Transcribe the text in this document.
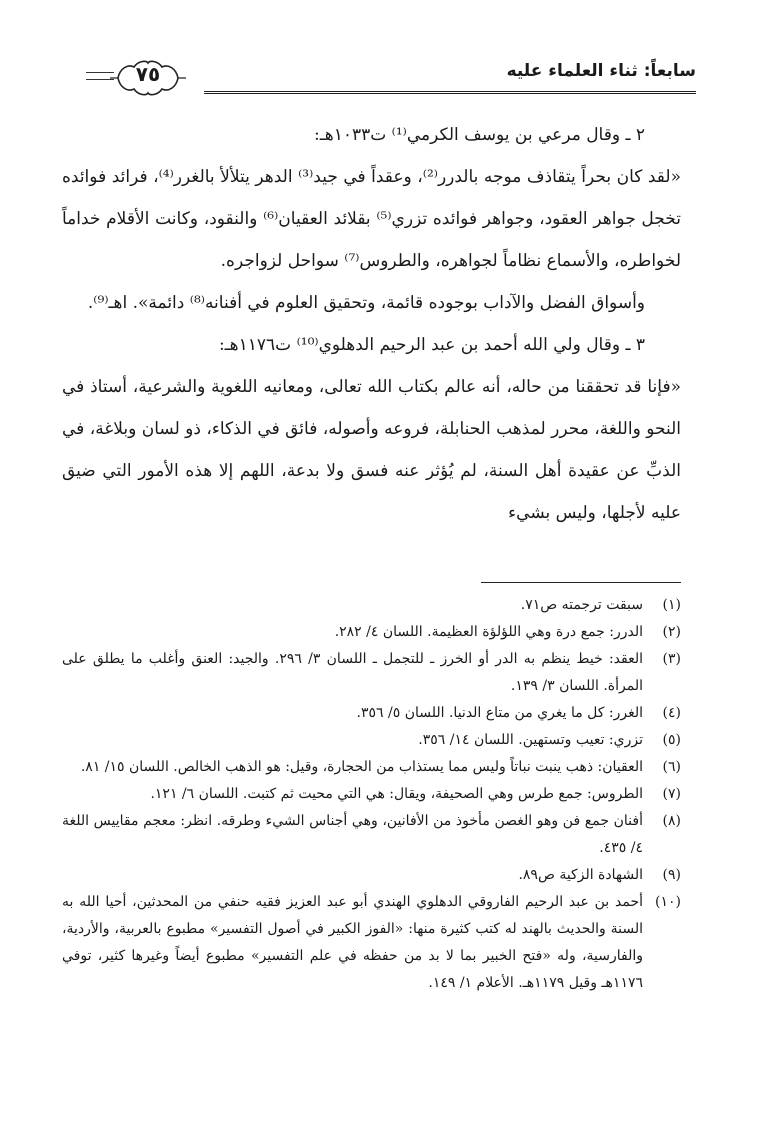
سابعاً: ثناء العلماء عليه
٧٥

٢ ـ وقال مرعي بن يوسف الكرمي⁽¹⁾ ت١٠٣٣هـ:

«لقد كان بحراً يتقاذف موجه بالدرر⁽²⁾، وعقداً في جيد⁽³⁾ الدهر يتلألأ بالغرر⁽⁴⁾، فرائد فوائده تخجل جواهر العقود، وجواهر فوائده تزري⁽⁵⁾ بقلائد العقيان⁽⁶⁾ والنقود، وكانت الأقلام خداماً لخواطره، والأسماع نظاماً لجواهره، والطروس⁽⁷⁾ سواحل لزواجره.

وأسواق الفضل والآداب بوجوده قائمة، وتحقيق العلوم في أفنانه⁽⁸⁾ دائمة». اهـ⁽⁹⁾.

٣ ـ وقال ولي الله أحمد بن عبد الرحيم الدهلوي⁽¹⁰⁾ ت١١٧٦هـ:

«فإنا قد تحققنا من حاله، أنه عالم بكتاب الله تعالى، ومعانيه اللغوية والشرعية، أستاذ في النحو واللغة، محرر لمذهب الحنابلة، فروعه وأصوله، فائق في الذكاء، ذو لسان وبلاغة، في الذبِّ عن عقيدة أهل السنة، لم يُؤثر عنه فسق ولا بدعة، اللهم إلا هذه الأمور التي ضيق عليه لأجلها، وليس بشيء

(١)
سبقت ترجمته ص٧١.
(٢)
الدرر: جمع درة وهي اللؤلؤة العظيمة. اللسان ٤/ ٢٨٢.
(٣)
العقد: خيط ينظم به الدر أو الخرز ـ للتجمل ـ اللسان ٣/ ٢٩٦. والجيد: العنق وأغلب ما يطلق على المرأة. اللسان ٣/ ١٣٩.
(٤)
الغرر: كل ما يغري من متاع الدنيا. اللسان ٥/ ٣٥٦.
(٥)
تزري: تعيب وتستهين. اللسان ١٤/ ٣٥٦.
(٦)
العقيان: ذهب ينبت نباتاً وليس مما يستذاب من الحجارة، وقيل: هو الذهب الخالص. اللسان ١٥/ ٨١.
(٧)
الطروس: جمع طرس وهي الصحيفة، ويقال: هي التي محيت ثم كتبت. اللسان ٦/ ١٢١.
(٨)
أفنان جمع فن وهو الغصن مأخوذ من الأفانين، وهي أجناس الشيء وطرقه. انظر: معجم مقاييس اللغة ٤/ ٤٣٥.
(٩)
الشهادة الزكية ص٨٩.
(١٠)
أحمد بن عبد الرحيم الفاروقي الدهلوي الهندي أبو عبد العزيز فقيه حنفي من المحدثين، أحيا الله به السنة والحديث بالهند له كتب كثيرة منها: «الفوز الكبير في أصول التفسير» مطبوع بالعربية، والأردية، والفارسية، وله «فتح الخبير بما لا بد من حفظه في علم التفسير» مطبوع أيضاً وغيرها كثير، توفي ١١٧٦هـ وقيل ١١٧٩هـ. الأعلام ١/ ١٤٩.
